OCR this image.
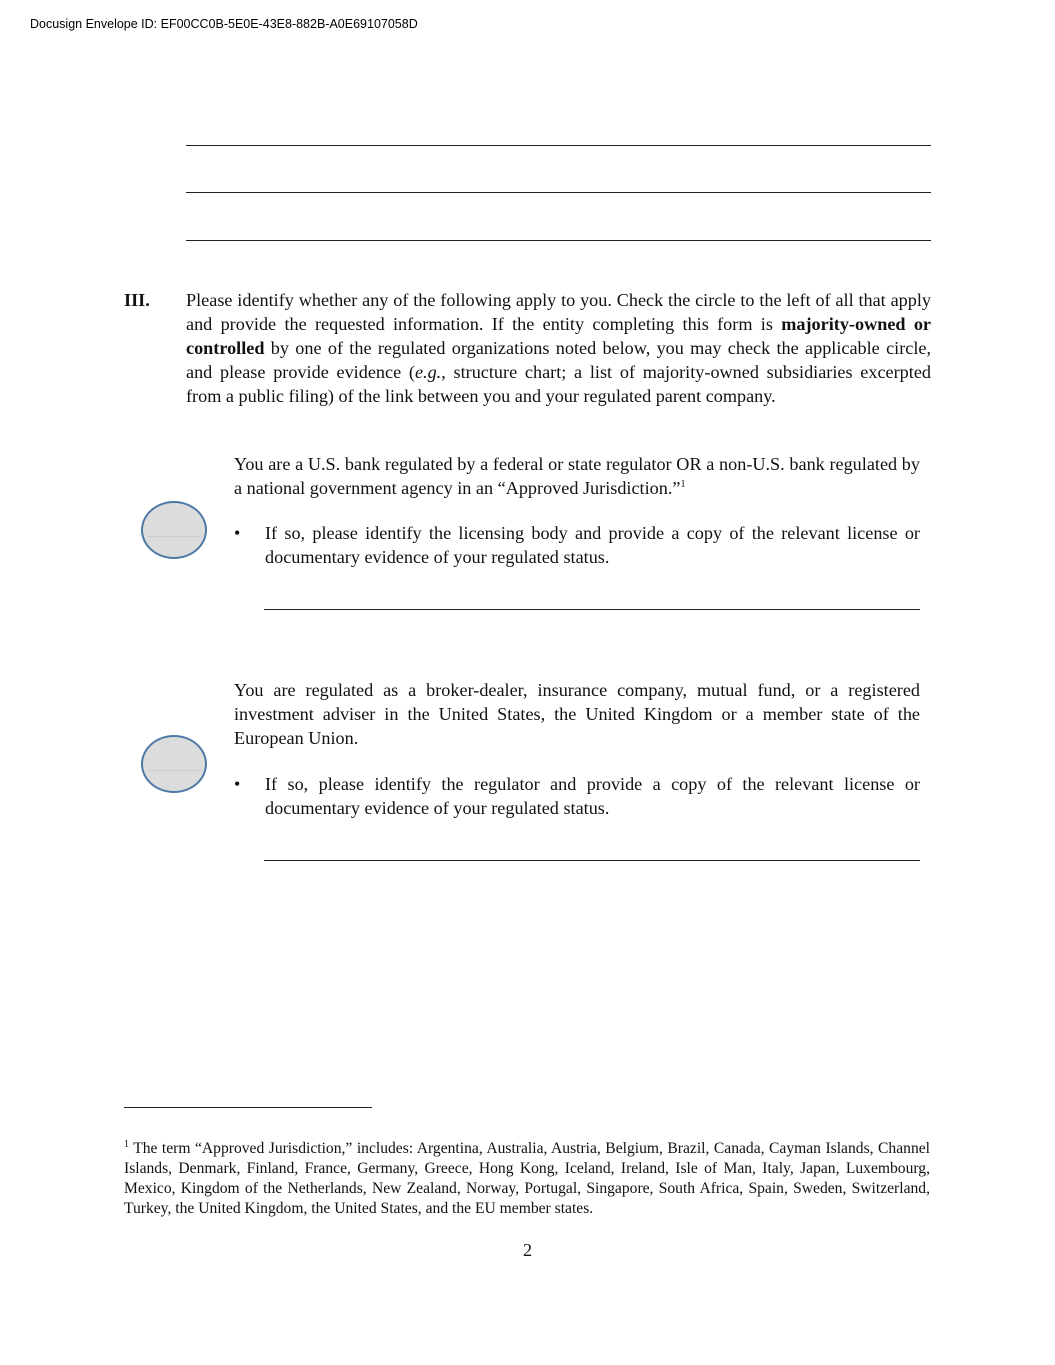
Docusign Envelope ID: EF00CC0B-5E0E-43E8-882B-A0E69107058D
III. Please identify whether any of the following apply to you. Check the circle to the left of all that apply and provide the requested information. If the entity completing this form is majority-owned or controlled by one of the regulated organizations noted below, you may check the applicable circle, and please provide evidence (e.g., structure chart; a list of majority-owned subsidiaries excerpted from a public filing) of the link between you and your regulated parent company.
You are a U.S. bank regulated by a federal or state regulator OR a non-U.S. bank regulated by a national government agency in an “Approved Jurisdiction.”$^1$
• If so, please identify the licensing body and provide a copy of the relevant license or documentary evidence of your regulated status.
You are regulated as a broker-dealer, insurance company, mutual fund, or a registered investment adviser in the United States, the United Kingdom or a member state of the European Union.
• If so, please identify the regulator and provide a copy of the relevant license or documentary evidence of your regulated status.
$^1$ The term “Approved Jurisdiction,” includes: Argentina, Australia, Austria, Belgium, Brazil, Canada, Cayman Islands, Channel Islands, Denmark, Finland, France, Germany, Greece, Hong Kong, Iceland, Ireland, Isle of Man, Italy, Japan, Luxembourg, Mexico, Kingdom of the Netherlands, New Zealand, Norway, Portugal, Singapore, South Africa, Spain, Sweden, Switzerland, Turkey, the United Kingdom, the United States, and the EU member states.
2
